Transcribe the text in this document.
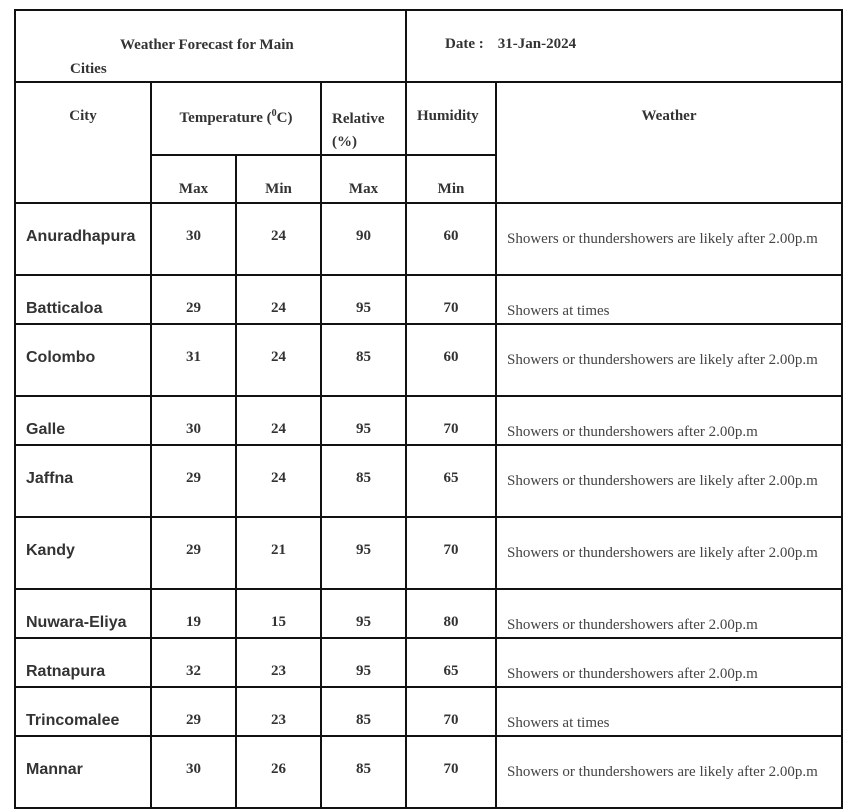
Weather Forecast for Main
Cities				Date : 31-Jan-2024	
City	Temperature ($^0$C)		Relative (%)	Humidity	Weather
	Max	Min	Max	Min	
Anuradhapura	30	24	90	60	Showers or thundershowers are likely after 2.00p.m
Batticaloa	29	24	95	70	Showers at times
Colombo	31	24	85	60	Showers or thundershowers are likely after 2.00p.m
Galle	30	24	95	70	Showers or thundershowers after 2.00p.m
Jaffna	29	24	85	65	Showers or thundershowers are likely after 2.00p.m
Kandy	29	21	95	70	Showers or thundershowers are likely after 2.00p.m
Nuwara-Eliya	19	15	95	80	Showers or thundershowers after 2.00p.m
Ratnapura	32	23	95	65	Showers or thundershowers after 2.00p.m
Trincomalee	29	23	85	70	Showers at times
Mannar	30	26	85	70	Showers or thundershowers are likely after 2.00p.m
